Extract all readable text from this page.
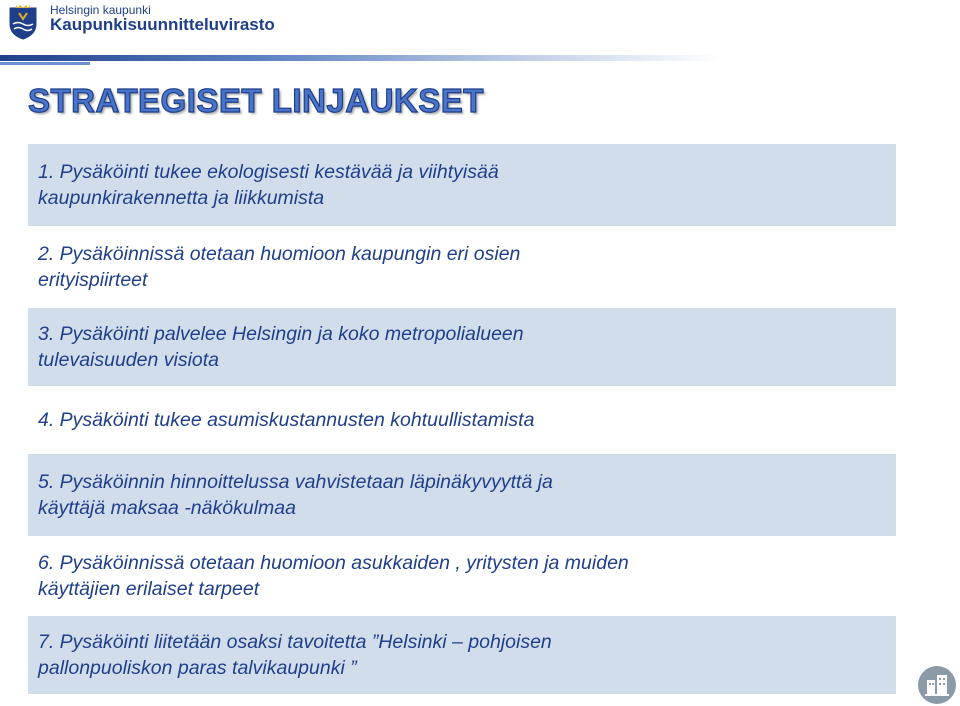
Helsingin kaupunki
Kaupunkisuunnitteluvirasto
STRATEGISET LINJAUKSET
1. Pysäköinti tukee ekologisesti kestävää ja viihtyisää
kaupunkirakennetta ja liikkumista
2. Pysäköinnissä otetaan huomioon kaupungin eri osien
erityispiirteet
3. Pysäköinti palvelee Helsingin ja koko metropolialueen
tulevaisuuden visiota
4. Pysäköinti tukee asumiskustannusten kohtuullistamista
5. Pysäköinnin hinnoittelussa vahvistetaan läpinäkyvyyttä ja
käyttäjä maksaa -näkökulmaa
6. Pysäköinnissä otetaan huomioon asukkaiden , yritysten ja muiden
käyttäjien erilaiset tarpeet
7. Pysäköinti liitetään osaksi tavoitetta ”Helsinki – pohjoisen
pallonpuoliskon paras talvikaupunki ”
